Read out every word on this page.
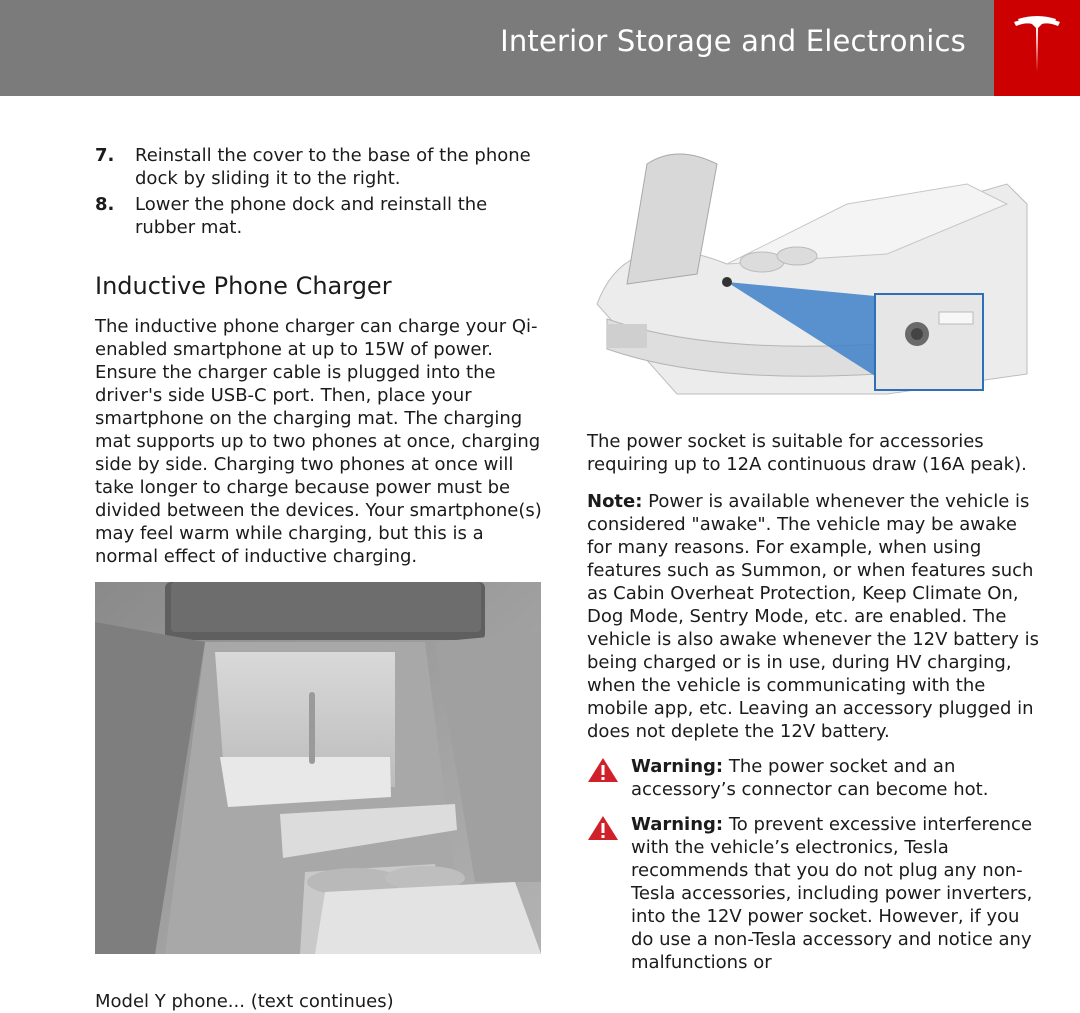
Interior Storage and Electronics
7. Reinstall the cover to the base of the phone dock by sliding it to the right.
8. Lower the phone dock and reinstall the rubber mat.
Inductive Phone Charger

The inductive phone charger can charge your Qi-enabled smartphone at up to 15W of power. Ensure the charger cable is plugged into the driver's side USB-C port. Then, place your smartphone on the charging mat. The charging mat supports up to two phones at once, charging side by side. Charging two phones at once will take longer to charge because power must be divided between the devices. Your smartphone(s) may feel warm while charging, but this is a normal effect of inductive charging.

Model Y phone... (text continues)

The power socket is suitable for accessories requiring up to 12A continuous draw (16A peak).

Note: Power is available whenever the vehicle is considered "awake". The vehicle may be awake for many reasons. For example, when using features such as Summon, or when features such as Cabin Overheat Protection, Keep Climate On, Dog Mode, Sentry Mode, etc. are enabled. The vehicle is also awake whenever the 12V battery is being charged or is in use, during HV charging, when the vehicle is communicating with the mobile app, etc. Leaving an accessory plugged in does not deplete the 12V battery.

Warning: The power socket and an accessory’s connector can become hot.
Warning: To prevent excessive interference with the vehicle’s electronics, Tesla recommends that you do not plug any non-Tesla accessories, including power inverters, into the 12V power socket. However, if you do use a non-Tesla accessory and notice any malfunctions or
